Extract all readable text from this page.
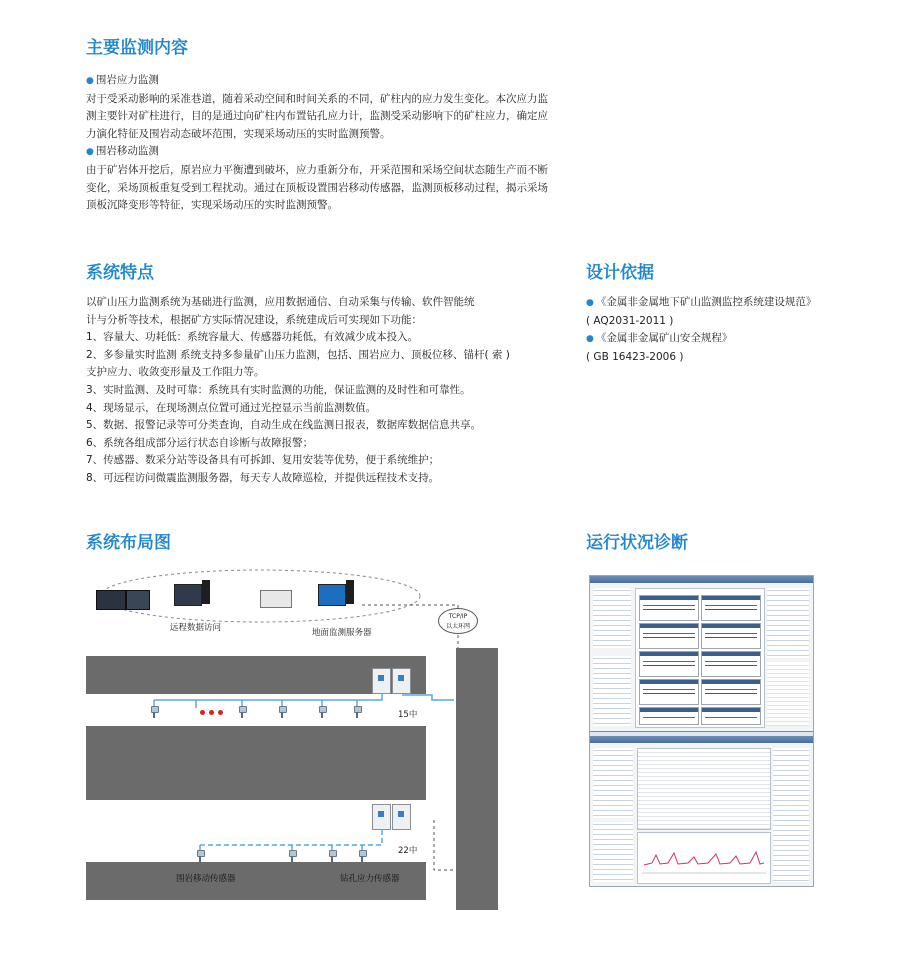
主要监测内容

● 围岩应力监测

对于受采动影响的采准巷道，随着采动空间和时间关系的不同，矿柱内的应力发生变化。本次应力监

测主要针对矿柱进行，目的是通过向矿柱内布置钻孔应力计，监测受采动影响下的矿柱应力，确定应

力演化特征及围岩动态破坏范围，实现采场动压的实时监测预警。

● 围岩移动监测

由于矿岩体开挖后，原岩应力平衡遭到破坏，应力重新分布，开采范围和采场空间状态随生产而不断

变化，采场顶板重复受到工程扰动。通过在顶板设置围岩移动传感器，监测顶板移动过程，揭示采场

顶板沉降变形等特征，实现采场动压的实时监测预警。

系统特点

以矿山压力监测系统为基础进行监测，应用数据通信、自动采集与传输、软件智能统

计与分析等技术，根据矿方实际情况建设，系统建成后可实现如下功能：

1、容量大、功耗低：系统容量大、传感器功耗低，有效减少成本投入。

2、多参量实时监测 系统支持多参量矿山压力监测，包括、围岩应力、顶板位移、锚杆( 索 )

支护应力、收敛变形量及工作阻力等。

3、实时监测、及时可靠：系统具有实时监测的功能，保证监测的及时性和可靠性。

4、现场显示，在现场测点位置可通过光控显示当前监测数值。

5、数据、报警记录等可分类查询，自动生成在线监测日报表，数据库数据信息共享。

6、系统各组成部分运行状态自诊断与故障报警；

7、传感器、数采分站等设备具有可拆卸、复用安装等优势，便于系统维护；

8、可远程访问微震监测服务器，每天专人故障巡检，并提供远程技术支持。

设计依据

● 《金属非金属地下矿山监测监控系统建设规范》

( AQ2031-2011 )

● 《金属非金属矿山安全规程》

( GB 16423-2006 )

系统布局图
远程数据访问	地面监测服务器
TCP/IP
以太环网
15中
22中
围岩移动传感器	钻孔应力传感器
运行状况诊断
